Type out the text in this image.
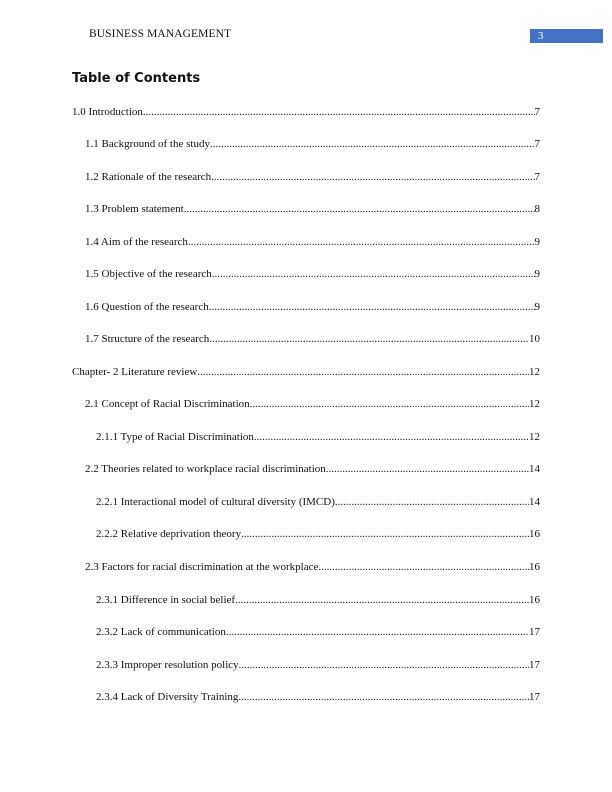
BUSINESS MANAGEMENT	3
Table of Contents
1.0 Introduction .....	7
1.1 Background of the study .....	7
1.2 Rationale of the research .....	7
1.3 Problem statement .....	8
1.4 Aim of the research .....	9
1.5 Objective of the research .....	9
1.6 Question of the research .....	9
1.7 Structure of the research .....	10
Chapter- 2 Literature review .....	12
2.1 Concept of Racial Discrimination .....	12
2.1.1 Type of Racial Discrimination .....	12
2.2 Theories related to workplace racial discrimination .....	14
2.2.1 Interactional model of cultural diversity (IMCD) .....	14
2.2.2 Relative deprivation theory .....	16
2.3 Factors for racial discrimination at the workplace .....	16
2.3.1 Difference in social belief .....	16
2.3.2 Lack of communication .....	17
2.3.3 Improper resolution policy .....	17
2.3.4 Lack of Diversity Training .....	17
